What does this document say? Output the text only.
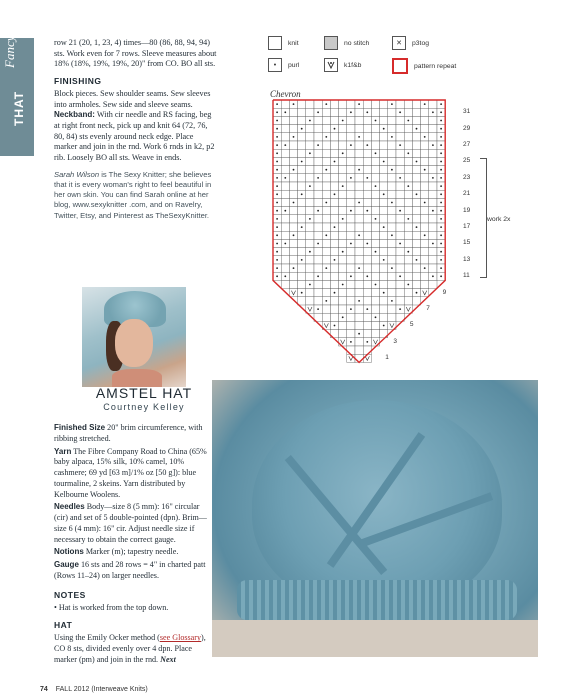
Fancy
THAT

row 21 (20, 1, 23, 4) times—80 (86, 88, 94, 94) sts. Work even for 7 rows. Sleeve measures about 18% (18%, 19%, 19%, 20)" from CO. BO all sts.

FINISHING

Block pieces. Sew shoulder seams. Sew sleeves into armholes. Sew side and sleeve seams. Neckband: With cir needle and RS facing, beg at right front neck, pick up and knit 64 (72, 76, 80, 84) sts evenly around neck edge. Place marker and join in the rnd. Work 6 rnds in k2, p2 rib. Loosely BO all sts. Weave in ends.

Sarah Wilson is The Sexy Knitter; she believes that it is every woman's right to feel beautiful in her own skin. You can find Sarah online at her blog, www.sexyknitter .com, and on Ravelry, Twitter, Etsy, and Pinterest as TheSexyKnitter.

AMSTEL HAT
Courtney Kelley

Finished Size 20" brim circumference, with ribbing stretched.

Yarn The Fibre Company Road to China (65% baby alpaca, 15% silk, 10% camel, 10% cashmere; 69 yd [63 m]/1% oz [50 g]): blue tourmaline, 2 skeins. Yarn distributed by Kelbourne Woolens.

Needles Body—size 8 (5 mm): 16" circular (cir) and set of 5 double-pointed (dpn). Brim—size 6 (4 mm): 16" cir. Adjust needle size if necessary to obtain the correct gauge.

Notions Marker (m); tapestry needle.

Gauge 16 sts and 28 rows = 4" in charted patt (Rows 11–24) on larger needles.

NOTES

• Hat is worked from the top down.

HAT

Using the Emily Ocker method (see Glossary), CO 8 sts, divided evenly over 4 dpn. Place marker (pm) and join in the rnd. Next

knit
•	purl
no stitch
k1f&b
✕	p3tog
pattern repeat
Chevron
31
29
27
25
23
21
19
17
15
13
11
9
7
5
3
1
work 2x
74 FALL 2012 (Interweave Knits)
